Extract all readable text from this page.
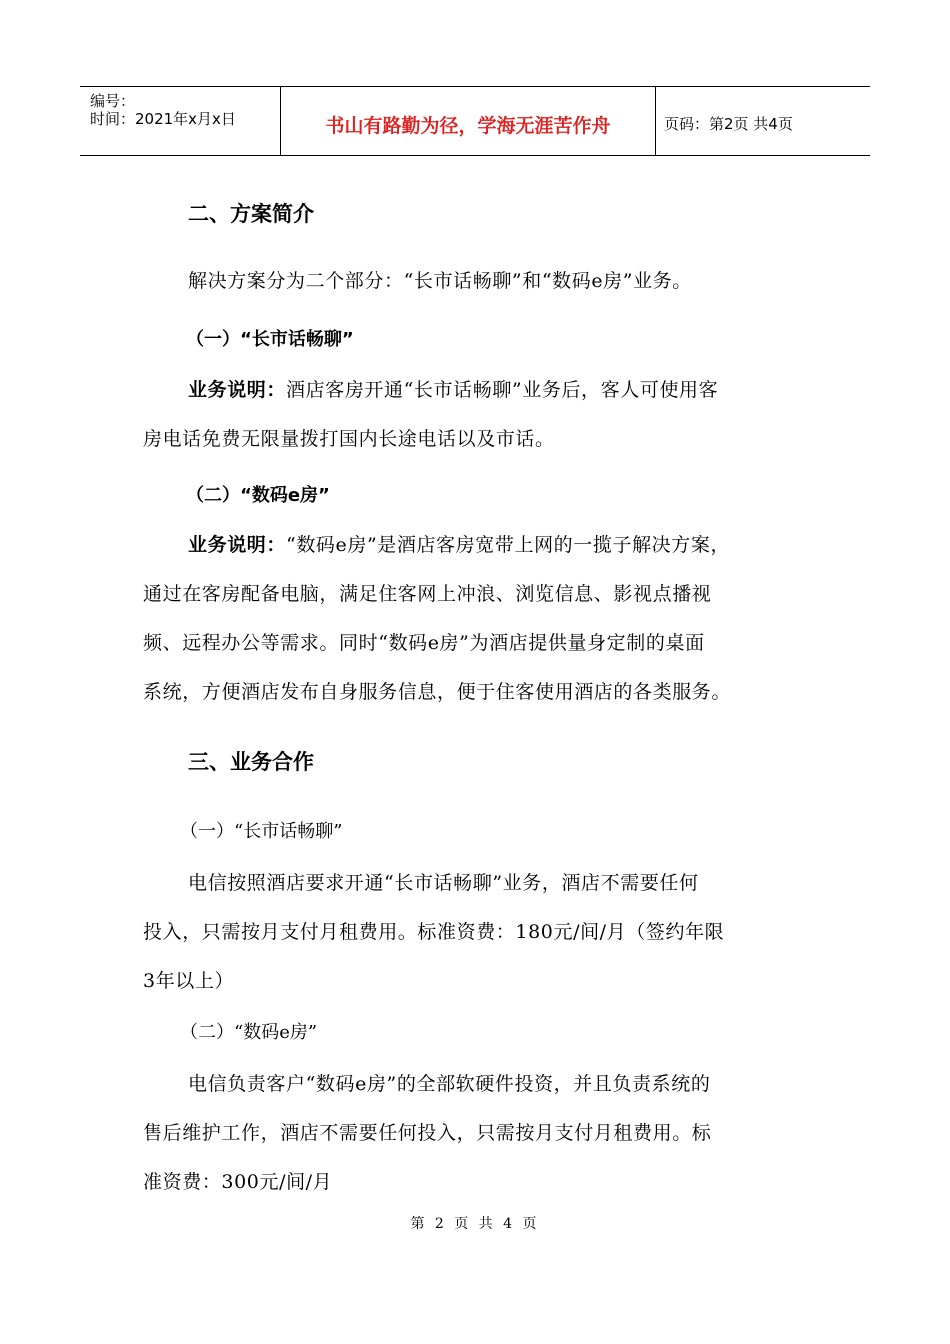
编号：
时间：2021年x月x日	书山有路勤为径，学海无涯苦作舟	页码：第2页 共4页
二、方案简介
解决方案分为二个部分：“长市话畅聊”和“数码e房”业务。
（一）“长市话畅聊”
业务说明：酒店客房开通“长市话畅聊”业务后，客人可使用客
房电话免费无限量拨打国内长途电话以及市话。
（二）“数码e房”
业务说明：“数码e房”是酒店客房宽带上网的一揽子解决方案，
通过在客房配备电脑，满足住客网上冲浪、浏览信息、影视点播视
频、远程办公等需求。同时“数码e房”为酒店提供量身定制的桌面
系统，方便酒店发布自身服务信息，便于住客使用酒店的各类服务。
三、业务合作
（一）“长市话畅聊”
电信按照酒店要求开通“长市话畅聊”业务，酒店不需要任何
投入，只需按月支付月租费用。标准资费：180元/间/月（签约年限
3年以上）
（二）“数码e房”
电信负责客户“数码e房”的全部软硬件投资，并且负责系统的
售后维护工作，酒店不需要任何投入，只需按月支付月租费用。标
准资费：300元/间/月
第 2 页 共 4 页
